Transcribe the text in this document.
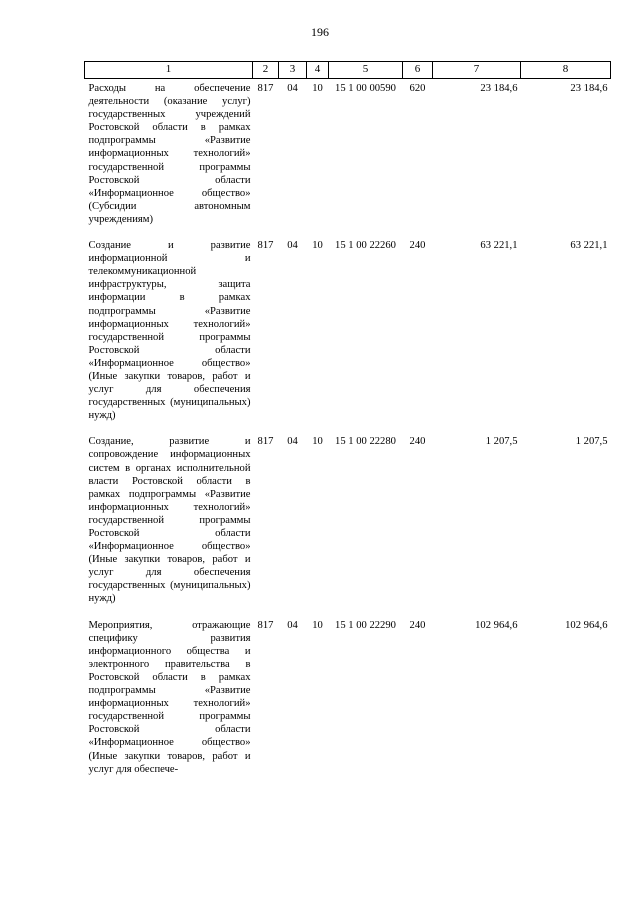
196
1	2	3	4	5	6	7	8
Расходы на обеспечение деятельности (оказание услуг) государственных учреждений Ростовской области в рамках подпрограммы «Развитие информационных технологий» государственной программы Ростовской области «Информационное общество» (Субсидии автономным учреждениям)	817	04	10	15 1 00 00590	620	23 184,6	23 184,6
Создание и развитие информационной и телекоммуникационной инфраструктуры, защита информации в рамках подпрограммы «Развитие информационных технологий» государственной программы Ростовской области «Информационное общество» (Иные закупки товаров, работ и услуг для обеспечения государственных (муниципальных) нужд)	817	04	10	15 1 00 22260	240	63 221,1	63 221,1
Создание, развитие и сопровождение информационных систем в органах исполнительной власти Ростовской области в рамках подпрограммы «Развитие информационных технологий» государственной программы Ростовской области «Информационное общество» (Иные закупки товаров, работ и услуг для обеспечения государственных (муниципальных) нужд)	817	04	10	15 1 00 22280	240	1 207,5	1 207,5
Мероприятия, отражающие специфику развития информационного общества и электронного правительства в Ростовской области в рамках подпрограммы «Развитие информационных технологий» государственной программы Ростовской области «Информационное общество» (Иные закупки товаров, работ и услуг для обеспече-	817	04	10	15 1 00 22290	240	102 964,6	102 964,6
